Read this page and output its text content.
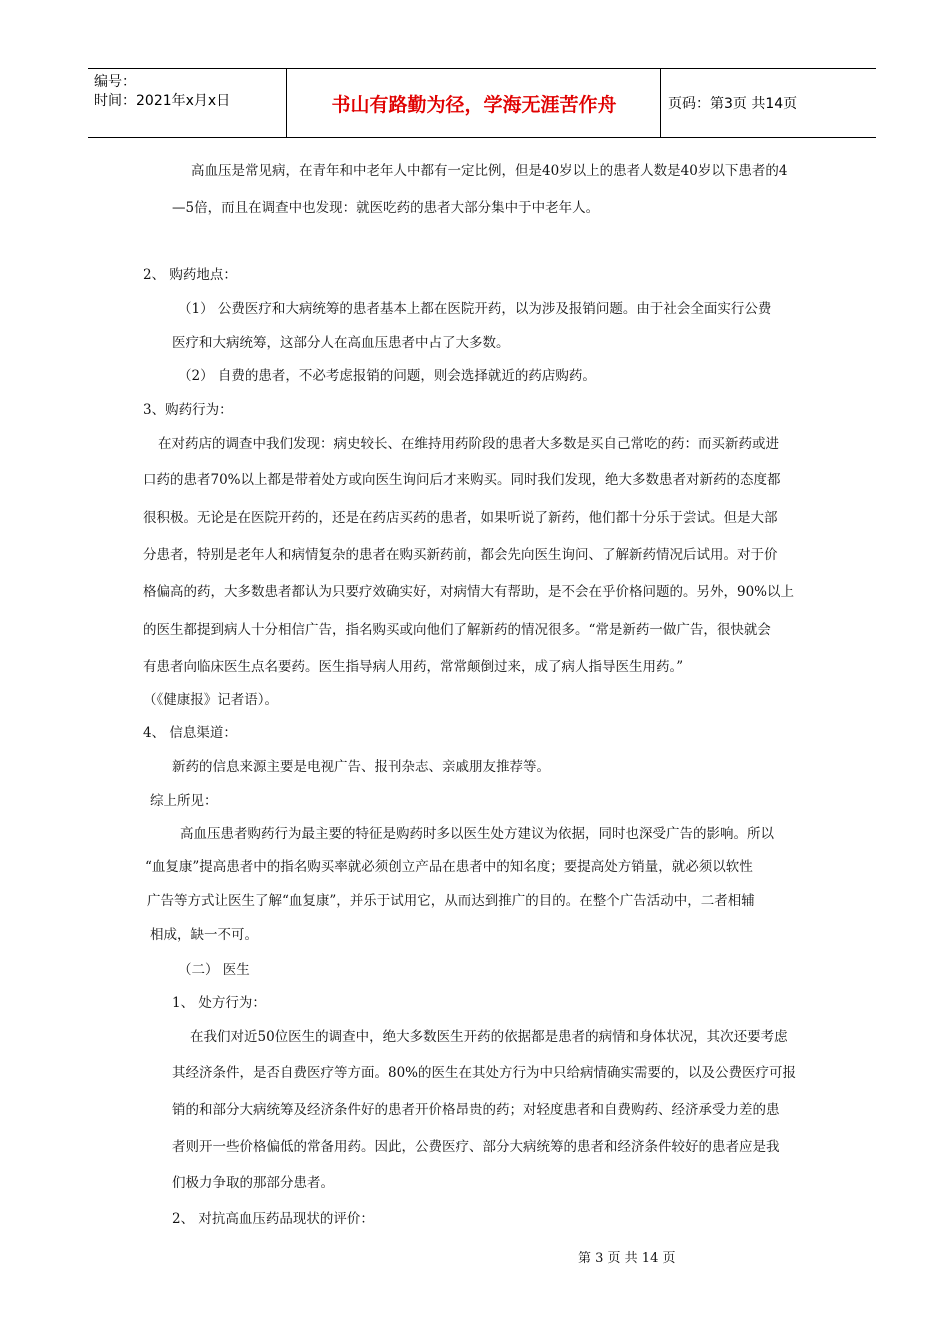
编号：
时间：2021年x月x日	书山有路勤为径，学海无涯苦作舟	页码：第3页 共14页
高血压是常见病，在青年和中老年人中都有一定比例，但是40岁以上的患者人数是40岁以下患者的4
—5倍，而且在调查中也发现：就医吃药的患者大部分集中于中老年人。
2、 购药地点：
（1） 公费医疗和大病统筹的患者基本上都在医院开药，以为涉及报销问题。由于社会全面实行公费
医疗和大病统筹，这部分人在高血压患者中占了大多数。
（2） 自费的患者，不必考虑报销的问题，则会选择就近的药店购药。
3、购药行为：
在对药店的调查中我们发现：病史较长、在维持用药阶段的患者大多数是买自己常吃的药：而买新药或进
口药的患者70%以上都是带着处方或向医生询问后才来购买。同时我们发现，绝大多数患者对新药的态度都
很积极。无论是在医院开药的，还是在药店买药的患者，如果听说了新药，他们都十分乐于尝试。但是大部
分患者，特别是老年人和病情复杂的患者在购买新药前，都会先向医生询问、了解新药情况后试用。对于价
格偏高的药，大多数患者都认为只要疗效确实好，对病情大有帮助，是不会在乎价格问题的。另外，90%以上
的医生都提到病人十分相信广告，指名购买或向他们了解新药的情况很多。“常是新药一做广告，很快就会
有患者向临床医生点名要药。医生指导病人用药，常常颠倒过来，成了病人指导医生用药。”
（《健康报》记者语）。
4、 信息渠道：
新药的信息来源主要是电视广告、报刊杂志、亲戚朋友推荐等。
综上所见：
高血压患者购药行为最主要的特征是购药时多以医生处方建议为依据，同时也深受广告的影响。所以
“血复康”提高患者中的指名购买率就必须创立产品在患者中的知名度；要提高处方销量，就必须以软性
广告等方式让医生了解“血复康”，并乐于试用它，从而达到推广的目的。在整个广告活动中，二者相辅
相成，缺一不可。
（二） 医生
1、 处方行为：
在我们对近50位医生的调查中，绝大多数医生开药的依据都是患者的病情和身体状况，其次还要考虑
其经济条件，是否自费医疗等方面。80%的医生在其处方行为中只给病情确实需要的，以及公费医疗可报
销的和部分大病统筹及经济条件好的患者开价格昂贵的药；对轻度患者和自费购药、经济承受力差的患
者则开一些价格偏低的常备用药。因此，公费医疗、部分大病统筹的患者和经济条件较好的患者应是我
们极力争取的那部分患者。
2、 对抗高血压药品现状的评价：
第 3 页 共 14 页
